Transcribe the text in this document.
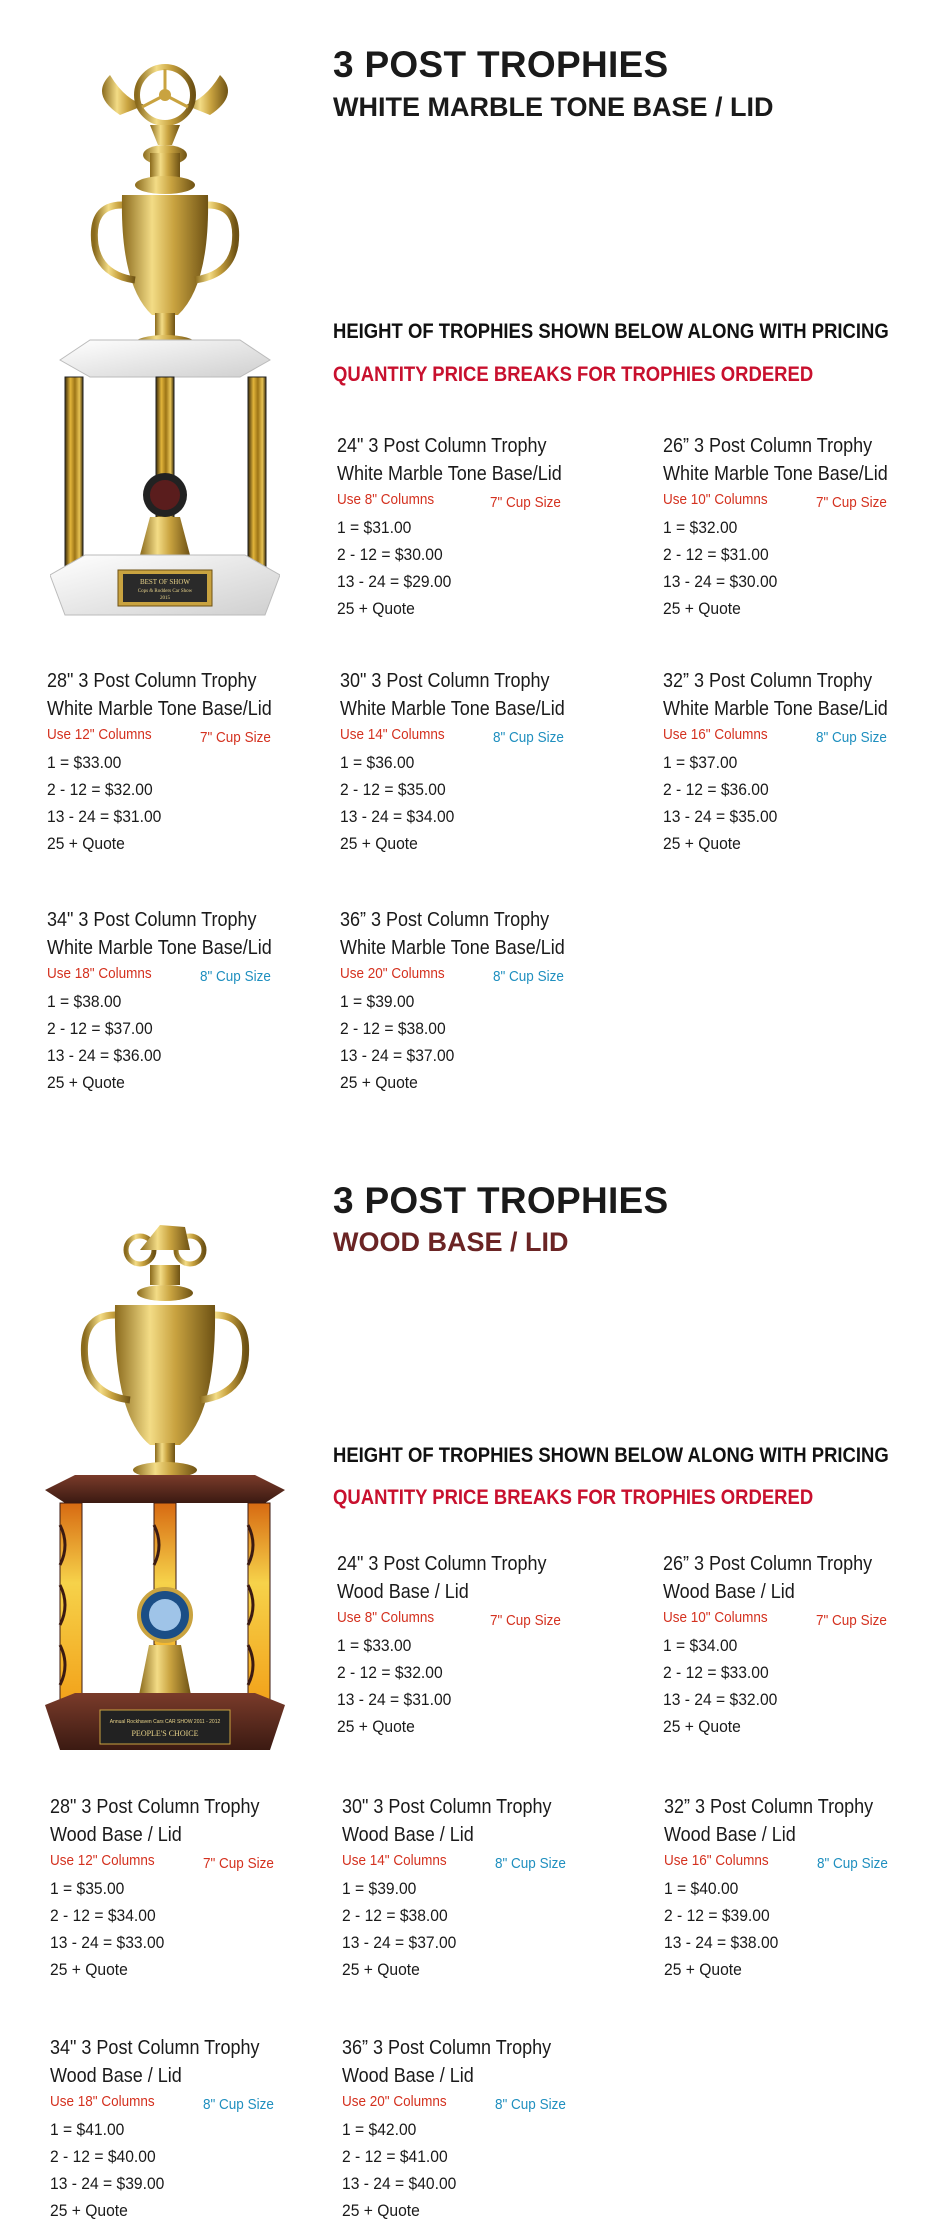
BEST OF SHOW
Cops & Rodders Car Show
2015
3 POST TROPHIES
WHITE MARBLE TONE BASE / LID
HEIGHT OF TROPHIES SHOWN BELOW ALONG WITH PRICING
QUANTITY PRICE BREAKS FOR TROPHIES ORDERED
24" 3 Post Column Trophy
White Marble Tone Base/Lid
Use 8" Columns	7" Cup Size
1 = $31.00
2 - 12 = $30.00
13 - 24 = $29.00
25 + Quote
26” 3 Post Column Trophy
White Marble Tone Base/Lid
Use 10" Columns	7" Cup Size
1 = $32.00
2 - 12 = $31.00
13 - 24 = $30.00
25 + Quote
28" 3 Post Column Trophy
White Marble Tone Base/Lid
Use 12" Columns	7" Cup Size
1 = $33.00
2 - 12 = $32.00
13 - 24 = $31.00
25 + Quote
30" 3 Post Column Trophy
White Marble Tone Base/Lid
Use 14" Columns	8" Cup Size
1 = $36.00
2 - 12 = $35.00
13 - 24 = $34.00
25 + Quote
32” 3 Post Column Trophy
White Marble Tone Base/Lid
Use 16" Columns	8" Cup Size
1 = $37.00
2 - 12 = $36.00
13 - 24 = $35.00
25 + Quote
34" 3 Post Column Trophy
White Marble Tone Base/Lid
Use 18" Columns	8" Cup Size
1 = $38.00
2 - 12 = $37.00
13 - 24 = $36.00
25 + Quote
36” 3 Post Column Trophy
White Marble Tone Base/Lid
Use 20" Columns	8" Cup Size
1 = $39.00
2 - 12 = $38.00
13 - 24 = $37.00
25 + Quote
Annual Rockhaven Cars CAR SHOW 2011 - 2012
PEOPLE'S CHOICE
3 POST TROPHIES
WOOD BASE / LID
HEIGHT OF TROPHIES SHOWN BELOW ALONG WITH PRICING
QUANTITY PRICE BREAKS FOR TROPHIES ORDERED
24" 3 Post Column Trophy
Wood Base / Lid
Use 8" Columns	7" Cup Size
1 = $33.00
2 - 12 = $32.00
13 - 24 = $31.00
25 + Quote
26” 3 Post Column Trophy
Wood Base / Lid
Use 10" Columns	7" Cup Size
1 = $34.00
2 - 12 = $33.00
13 - 24 = $32.00
25 + Quote
28" 3 Post Column Trophy
Wood Base / Lid
Use 12" Columns	7" Cup Size
1 = $35.00
2 - 12 = $34.00
13 - 24 = $33.00
25 + Quote
30" 3 Post Column Trophy
Wood Base / Lid
Use 14" Columns	8" Cup Size
1 = $39.00
2 - 12 = $38.00
13 - 24 = $37.00
25 + Quote
32” 3 Post Column Trophy
Wood Base / Lid
Use 16" Columns	8" Cup Size
1 = $40.00
2 - 12 = $39.00
13 - 24 = $38.00
25 + Quote
34" 3 Post Column Trophy
Wood Base / Lid
Use 18" Columns	8" Cup Size
1 = $41.00
2 - 12 = $40.00
13 - 24 = $39.00
25 + Quote
36” 3 Post Column Trophy
Wood Base / Lid
Use 20" Columns	8" Cup Size
1 = $42.00
2 - 12 = $41.00
13 - 24 = $40.00
25 + Quote
